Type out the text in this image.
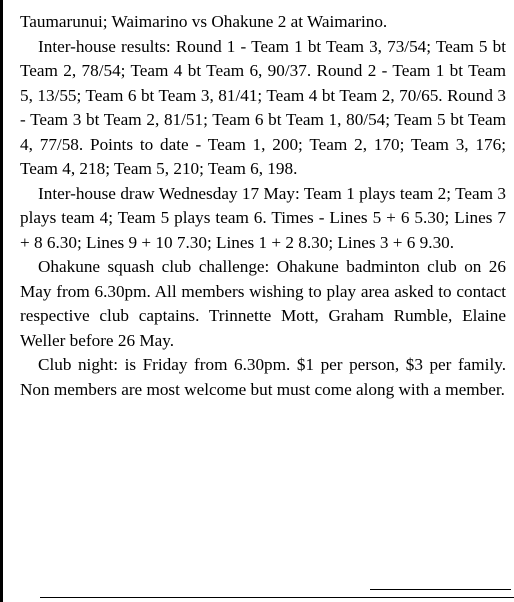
Taumarunui; Waimarino vs Ohakune 2 at Waimarino.

Inter-house results: Round 1 - Team 1 bt Team 3, 73/54; Team 5 bt Team 2, 78/54; Team 4 bt Team 6, 90/37. Round 2 - Team 1 bt Team 5, 13/55; Team 6 bt Team 3, 81/41; Team 4 bt Team 2, 70/65. Round 3 - Team 3 bt Team 2, 81/51; Team 6 bt Team 1, 80/54; Team 5 bt Team 4, 77/58. Points to date - Team 1, 200; Team 2, 170; Team 3, 176; Team 4, 218; Team 5, 210; Team 6, 198.

Inter-house draw Wednesday 17 May: Team 1 plays team 2; Team 3 plays team 4; Team 5 plays team 6. Times - Lines 5 + 6 5.30; Lines 7 + 8 6.30; Lines 9 + 10 7.30; Lines 1 + 2 8.30; Lines 3 + 6 9.30.

Ohakune squash club challenge: Ohakune badminton club on 26 May from 6.30pm. All members wishing to play area asked to contact respective club captains. Trinnette Mott, Graham Rumble, Elaine Weller before 26 May.

Club night: is Friday from 6.30pm. $1 per person, $3 per family. Non members are most welcome but must come along with a member.
